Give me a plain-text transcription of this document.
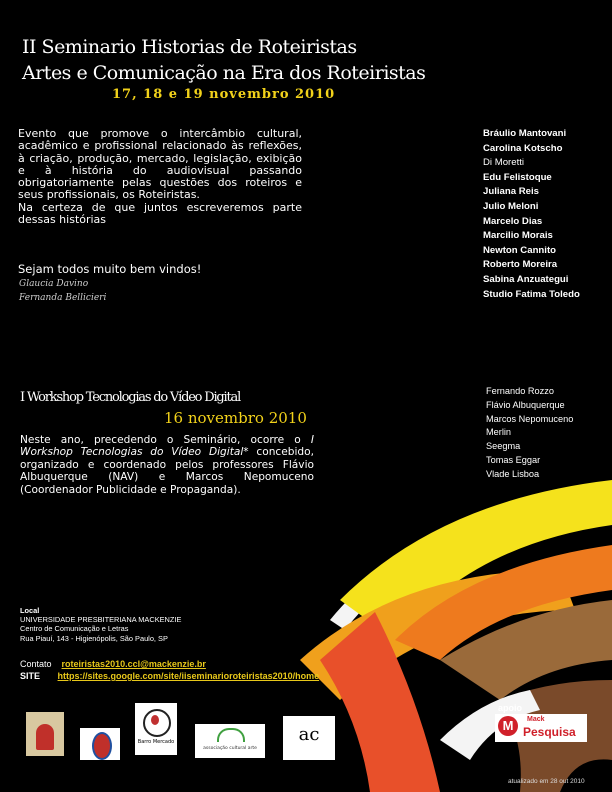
II Seminario Historias de Roteiristas
Artes e Comunicação na Era dos Roteiristas
17, 18 e 19 novembro 2010

Evento que promove o intercâmbio cultural, acadêmico e profissional relacionado às reflexões, à criação, produção, mercado, legislação, exibição e à história do audiovisual passando obrigatoriamente pelas questões dos roteiros e seus profissionais, os Roteiristas.

Na certeza de que juntos escreveremos parte dessas histórias

Sejam todos muito bem vindos!
Glaucia Davino
Fernanda Bellicieri
Bráulio Mantovani
Carolina Kotscho
Di Moretti
Edu Felistoque
Juliana Reis
Julio Meloni
Marcelo Dias
Marcilio Morais
Newton Cannito
Roberto Moreira
Sabina Anzuategui
Studio Fatima Toledo
I Workshop Tecnologias do Vídeo Digital
16 novembro 2010
Neste ano, precedendo o Seminário, ocorre o I Workshop Tecnologias do Vídeo Digital* concebido, organizado e coordenado pelos professores Flávio Albuquerque (NAV) e Marcos Nepomuceno (Coordenador Publicidade e Propaganda).
Fernando Rozzo
Flávio Albuquerque
Marcos Nepomuceno
Merlin
Seegma
Tomas Eggar
Vlade Lisboa
Local
UNIVERSIDADE PRESBITERIANA MACKENZIE
Centro de Comunicação e Letras
Rua Piauí, 143 - Higienópolis, São Paulo, SP
Contato roteiristas2010.ccl@mackenzie.br
SITE https://sites.google.com/site/iiseminarioroteiristas2010/home
Barro Mercado
associação cultural arte
ac
apoio
M	Mack
Pesquisa
atualizado em 28 out 2010
